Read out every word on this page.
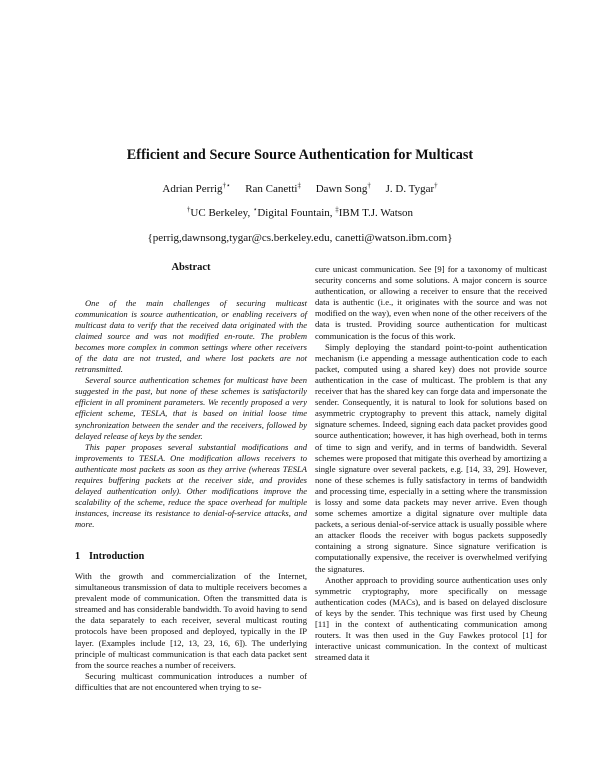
Efficient and Secure Source Authentication for Multicast
Adrian Perrig†⋆ Ran Canetti‡ Dawn Song† J. D. Tygar†
†UC Berkeley, ⋆Digital Fountain, ‡IBM T.J. Watson
{perrig,dawnsong,tygar@cs.berkeley.edu, canetti@watson.ibm.com}
Abstract

One of the main challenges of securing multicast communication is source authentication, or enabling receivers of multicast data to verify that the received data originated with the claimed source and was not modified en-route. The problem becomes more complex in common settings where other receivers of the data are not trusted, and where lost packets are not retransmitted.

Several source authentication schemes for multicast have been suggested in the past, but none of these schemes is satisfactorily efficient in all prominent parameters. We recently proposed a very efficient scheme, TESLA, that is based on initial loose time synchronization between the sender and the receivers, followed by delayed release of keys by the sender.

This paper proposes several substantial modifications and improvements to TESLA. One modification allows receivers to authenticate most packets as soon as they arrive (whereas TESLA requires buffering packets at the receiver side, and provides delayed authentication only). Other modifications improve the scalability of the scheme, reduce the space overhead for multiple instances, increase its resistance to denial-of-service attacks, and more.

1 Introduction

With the growth and commercialization of the Internet, simultaneous transmission of data to multiple receivers becomes a prevalent mode of communication. Often the transmitted data is streamed and has considerable bandwidth. To avoid having to send the data separately to each receiver, several multicast routing protocols have been proposed and deployed, typically in the IP layer. (Examples include [12, 13, 23, 16, 6]). The underlying principle of multicast communication is that each data packet sent from the source reaches a number of receivers.

Securing multicast communication introduces a number of difficulties that are not encountered when trying to se-

cure unicast communication. See [9] for a taxonomy of multicast security concerns and some solutions. A major concern is source authentication, or allowing a receiver to ensure that the received data is authentic (i.e., it originates with the source and was not modified on the way), even when none of the other receivers of the data is trusted. Providing source authentication for multicast communication is the focus of this work.

Simply deploying the standard point-to-point authentication mechanism (i.e appending a message authentication code to each packet, computed using a shared key) does not provide source authentication in the case of multicast. The problem is that any receiver that has the shared key can forge data and impersonate the sender. Consequently, it is natural to look for solutions based on asymmetric cryptography to prevent this attack, namely digital signature schemes. Indeed, signing each data packet provides good source authentication; however, it has high overhead, both in terms of time to sign and verify, and in terms of bandwidth. Several schemes were proposed that mitigate this overhead by amortizing a single signature over several packets, e.g. [14, 33, 29]. However, none of these schemes is fully satisfactory in terms of bandwidth and processing time, especially in a setting where the transmission is lossy and some data packets may never arrive. Even though some schemes amortize a digital signature over multiple data packets, a serious denial-of-service attack is usually possible where an attacker floods the receiver with bogus packets supposedly containing a strong signature. Since signature verification is computationally expensive, the receiver is overwhelmed verifying the signatures.

Another approach to providing source authentication uses only symmetric cryptography, more specifically on message authentication codes (MACs), and is based on delayed disclosure of keys by the sender. This technique was first used by Cheung [11] in the context of authenticating communication among routers. It was then used in the Guy Fawkes protocol [1] for interactive unicast communication. In the context of multicast streamed data it
